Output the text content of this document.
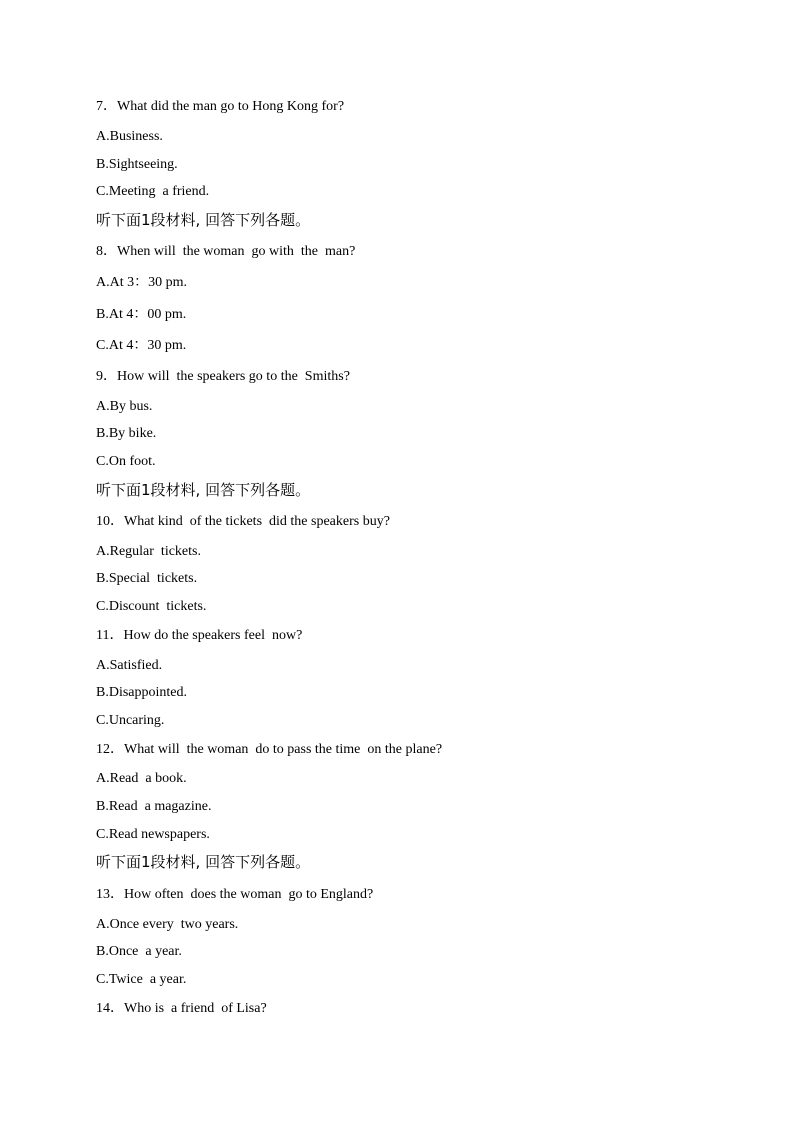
7．What did the man go to Hong Kong for?
A.Business.
B.Sightseeing.
C.Meeting  a friend.
听下面1段材料, 回答下列各题。
8．When will  the woman  go with  the  man?
A.At 3：30 pm.
B.At 4：00 pm.
C.At 4：30 pm.
9．How will  the speakers go to the  Smiths?
A.By bus.
B.By bike.
C.On foot.
听下面1段材料, 回答下列各题。
10．What kind  of the tickets  did the speakers buy?
A.Regular  tickets.
B.Special  tickets.
C.Discount  tickets.
11．How do the speakers feel  now?
A.Satisfied.
B.Disappointed.
C.Uncaring.
12．What will  the woman  do to pass the time  on the plane?
A.Read  a book.
B.Read  a magazine.
C.Read newspapers.
听下面1段材料, 回答下列各题。
13．How often  does the woman  go to England?
A.Once every  two years.
B.Once  a year.
C.Twice  a year.
14．Who is  a friend  of Lisa?
